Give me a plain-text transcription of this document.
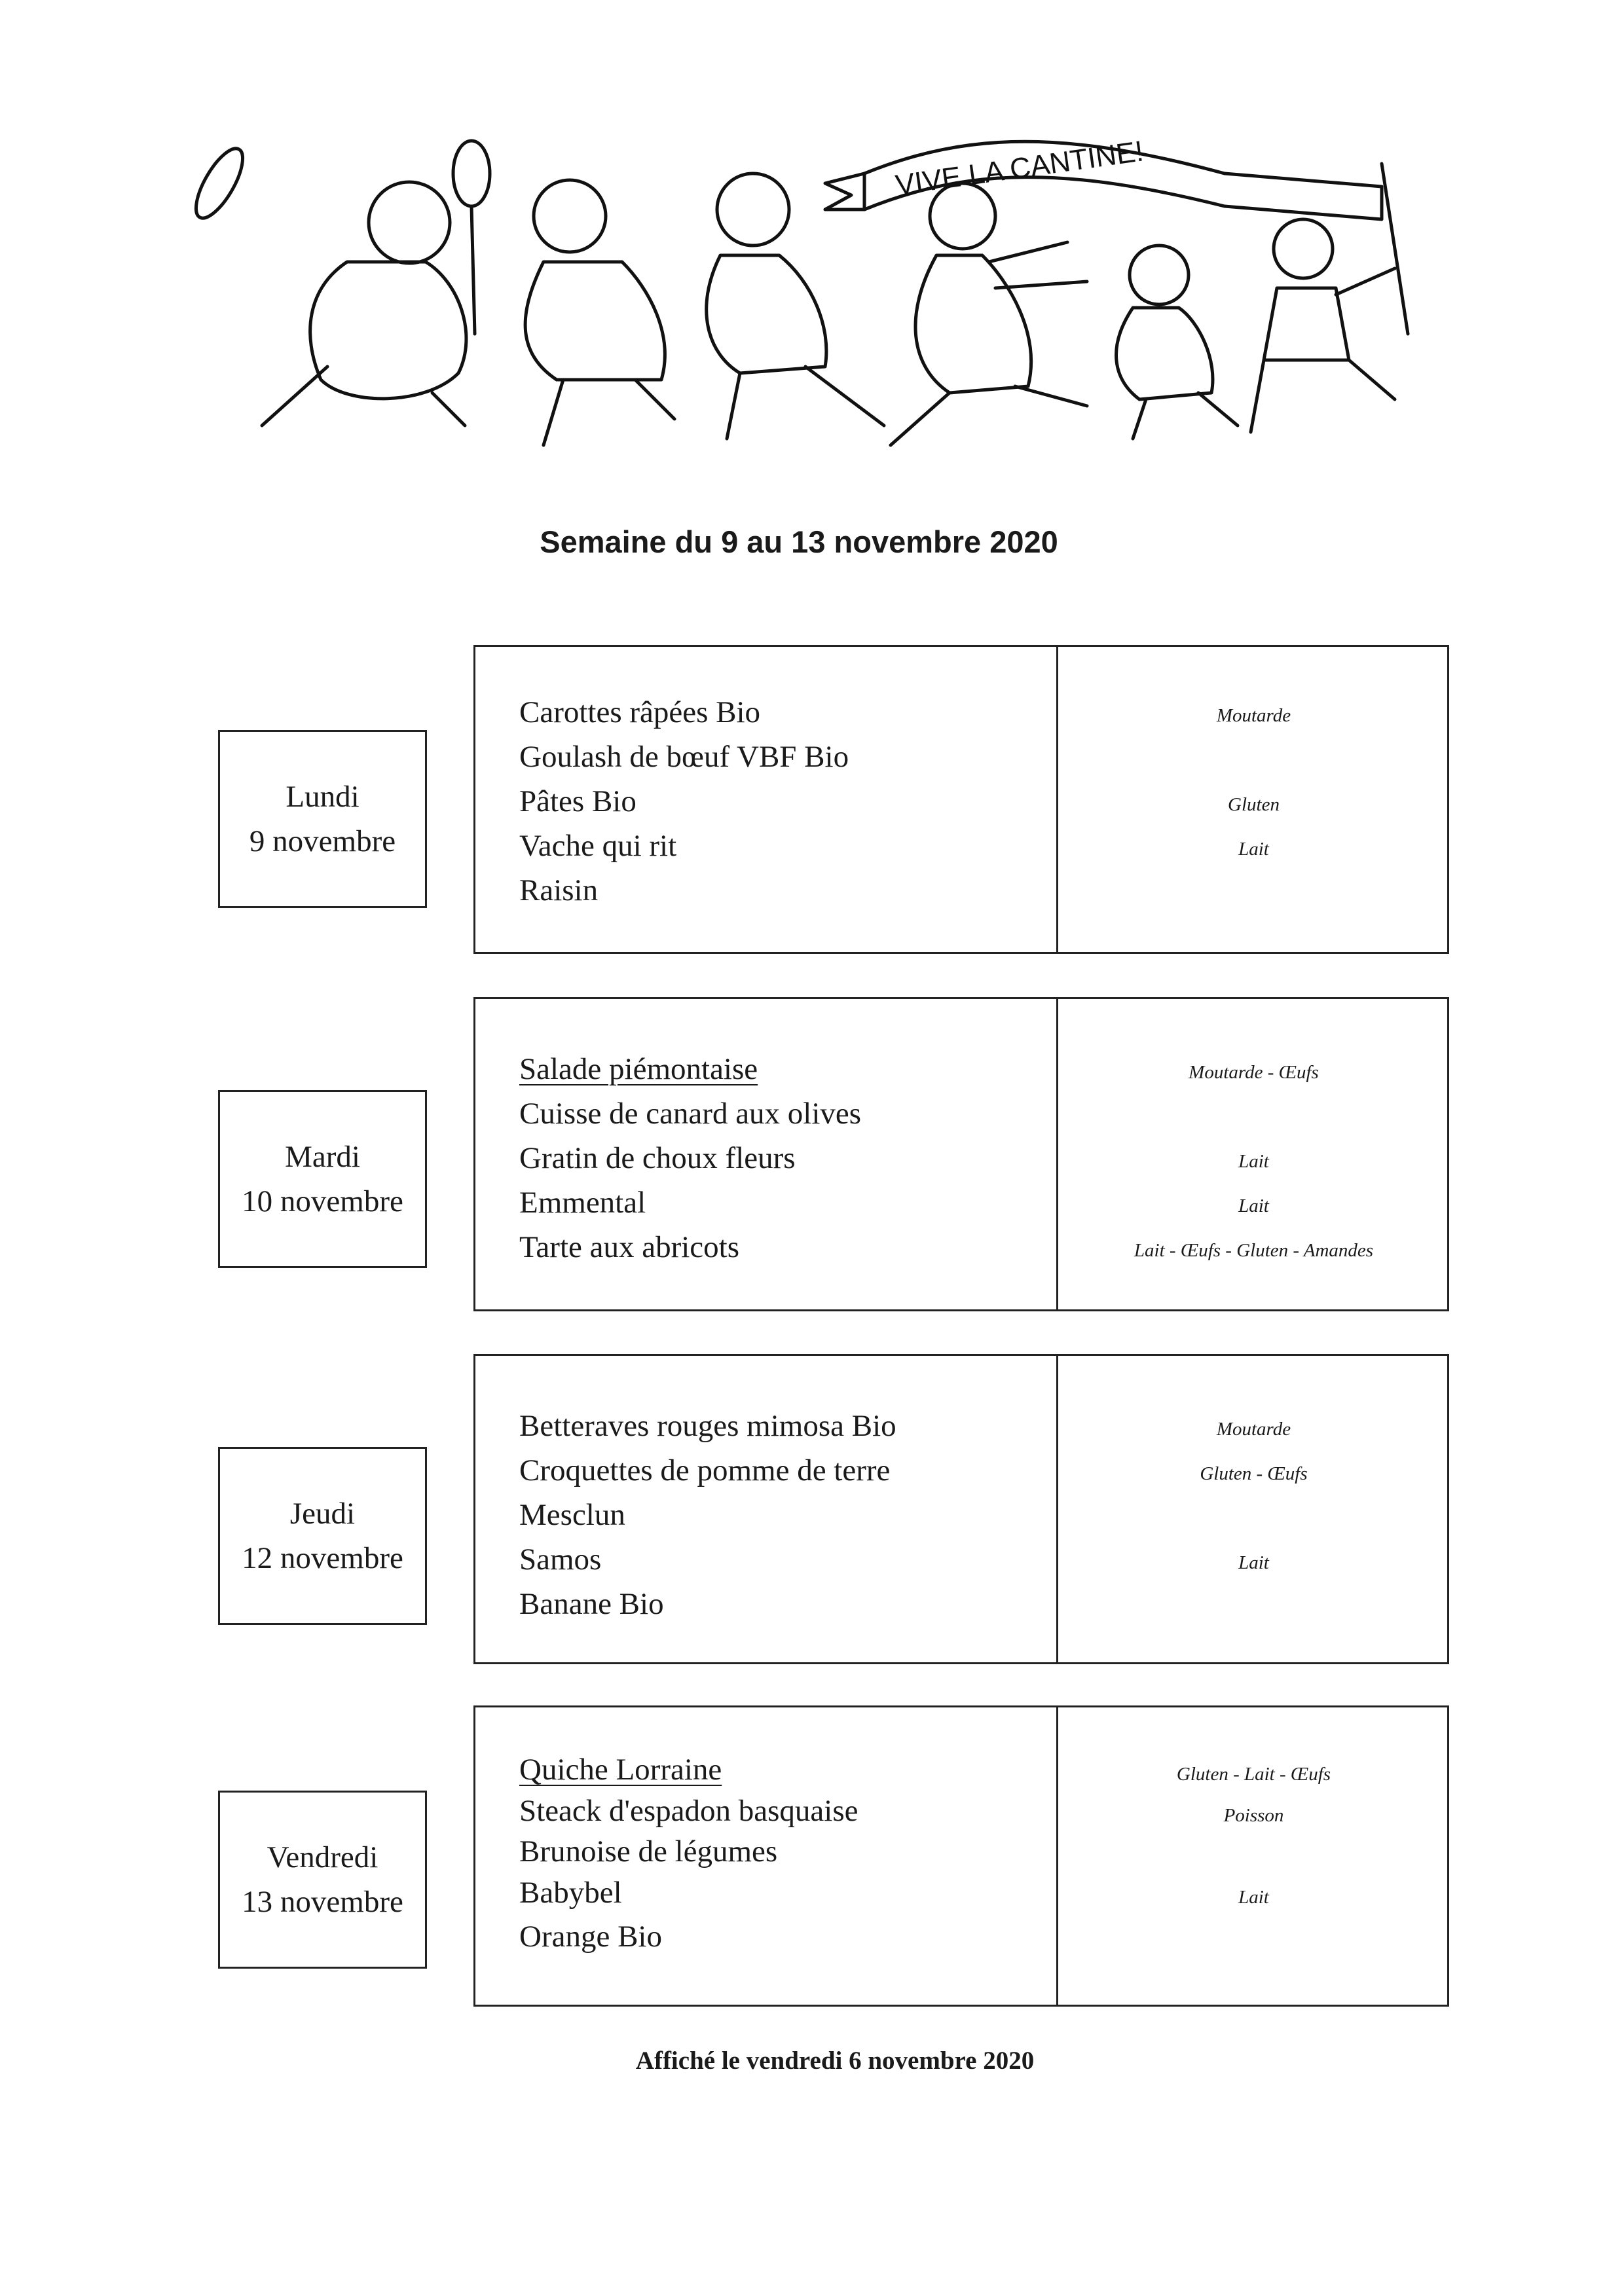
VIVE LA CANTINE!
Semaine du 9 au 13 novembre 2020
Lundi
9 novembre
Carottes râpées Bio
Goulash de bœuf VBF Bio
Pâtes Bio
Vache qui rit
Raisin
Moutarde
Gluten
Lait
Mardi
10 novembre
Salade piémontaise
Cuisse de canard aux olives
Gratin de choux fleurs
Emmental
Tarte aux abricots
Moutarde - Œufs
Lait
Lait
Lait - Œufs - Gluten - Amandes
Jeudi
12 novembre
Betteraves rouges mimosa Bio
Croquettes de pomme de terre
Mesclun
Samos
Banane Bio
Moutarde
Gluten - Œufs
Lait
Vendredi
13 novembre
Quiche Lorraine
Steack d'espadon basquaise
Brunoise de légumes
Babybel
Orange Bio
Gluten - Lait - Œufs
Poisson
Lait
Affiché le vendredi 6 novembre 2020
